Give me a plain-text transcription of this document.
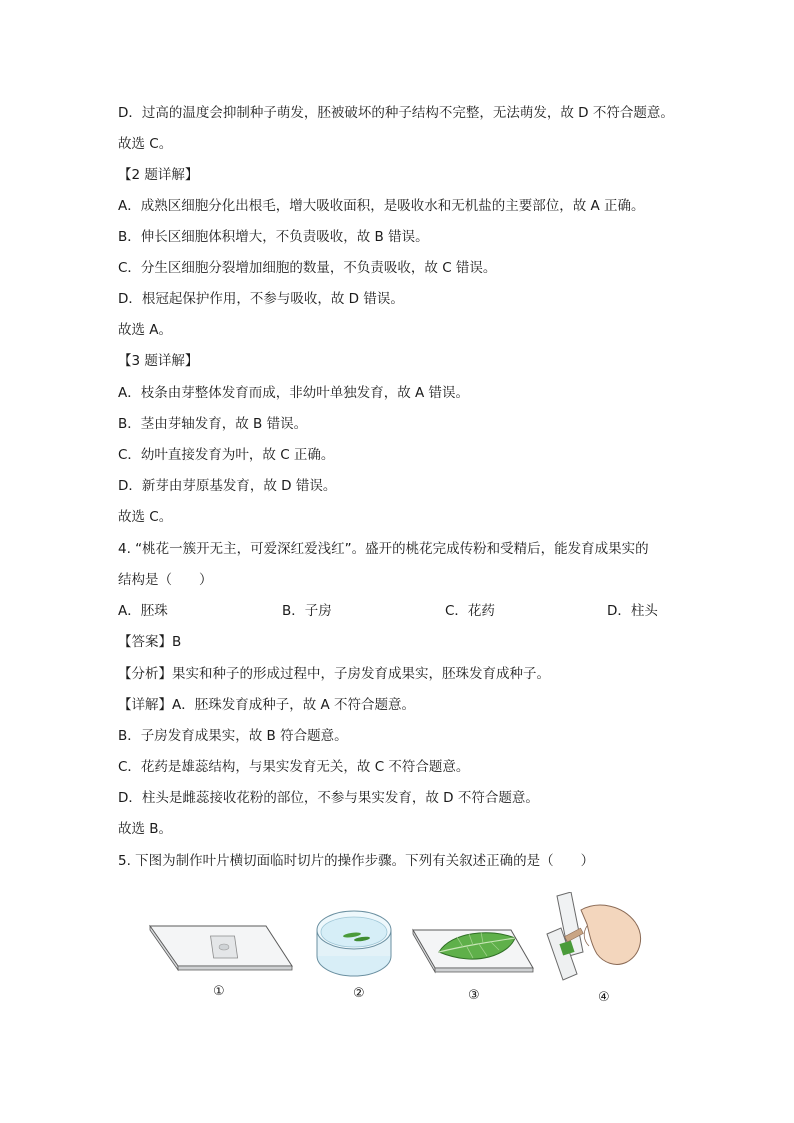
D．过高的温度会抑制种子萌发，胚被破坏的种子结构不完整，无法萌发，故 D 不符合题意。
故选 C。
【2 题详解】
A．成熟区细胞分化出根毛，增大吸收面积，是吸收水和无机盐的主要部位，故 A 正确。
B．伸长区细胞体积增大，不负责吸收，故 B 错误。
C．分生区细胞分裂增加细胞的数量，不负责吸收，故 C 错误。
D．根冠起保护作用，不参与吸收，故 D 错误。
故选 A。
【3 题详解】
A．枝条由芽整体发育而成，非幼叶单独发育，故 A 错误。
B．茎由芽轴发育，故 B 错误。
C．幼叶直接发育为叶，故 C 正确。
D．新芽由芽原基发育，故 D 错误。
故选 C。
4. “桃花一簇开无主，可爱深红爱浅红”。盛开的桃花完成传粉和受精后，能发育成果实的
结构是（　　）
A．胚珠	B．子房	C．花药	D．柱头
【答案】B
【分析】果实和种子的形成过程中，子房发育成果实，胚珠发育成种子。
【详解】A．胚珠发育成种子，故 A 不符合题意。
B．子房发育成果实，故 B 符合题意。
C．花药是雄蕊结构，与果实发育无关，故 C 不符合题意。
D．柱头是雌蕊接收花粉的部位，不参与果实发育，故 D 不符合题意。
故选 B。
5. 下图为制作叶片横切面临时切片的操作步骤。下列有关叙述正确的是（　　）
①	②	③	④
